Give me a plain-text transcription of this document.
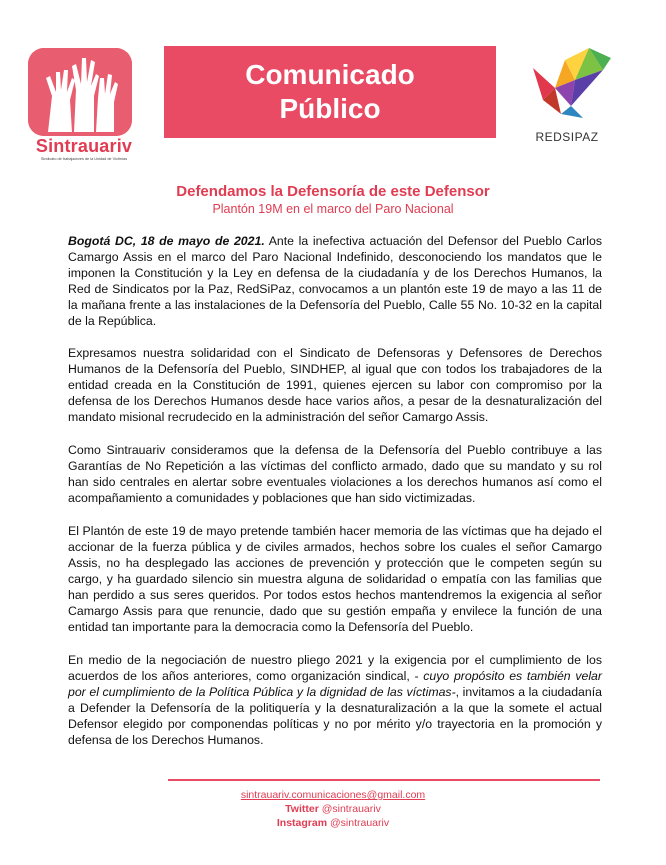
Sintrauariv
Sindicato de trabajadores de la Unidad de Víctimas
Comunicado
Público
REDSIPAZ
Defendamos la Defensoría de este Defensor
Plantón 19M en el marco del Paro Nacional

Bogotá DC, 18 de mayo de 2021. Ante la inefectiva actuación del Defensor del Pueblo Carlos Camargo Assis en el marco del Paro Nacional Indefinido, desconociendo los mandatos que le imponen la Constitución y la Ley en defensa de la ciudadanía y de los Derechos Humanos, la Red de Sindicatos por la Paz, RedSiPaz, convocamos a un plantón este 19 de mayo a las 11 de la mañana frente a las instalaciones de la Defensoría del Pueblo, Calle 55 No. 10-32 en la capital de la República.

Expresamos nuestra solidaridad con el Sindicato de Defensoras y Defensores de Derechos Humanos de la Defensoría del Pueblo, SINDHEP, al igual que con todos los trabajadores de la entidad creada en la Constitución de 1991, quienes ejercen su labor con compromiso por la defensa de los Derechos Humanos desde hace varios años, a pesar de la desnaturalización del mandato misional recrudecido en la administración del señor Camargo Assis.

Como Sintrauariv consideramos que la defensa de la Defensoría del Pueblo contribuye a las Garantías de No Repetición a las víctimas del conflicto armado, dado que su mandato y su rol han sido centrales en alertar sobre eventuales violaciones a los derechos humanos así como el acompañamiento a comunidades y poblaciones que han sido victimizadas.

El Plantón de este 19 de mayo pretende también hacer memoria de las víctimas que ha dejado el accionar de la fuerza pública y de civiles armados, hechos sobre los cuales el señor Camargo Assis, no ha desplegado las acciones de prevención y protección que le competen según su cargo, y ha guardado silencio sin muestra alguna de solidaridad o empatía con las familias que han perdido a sus seres queridos. Por todos estos hechos mantendremos la exigencia al señor Camargo Assis para que renuncie, dado que su gestión empaña y envilece la función de una entidad tan importante para la democracia como la Defensoría del Pueblo.

En medio de la negociación de nuestro pliego 2021 y la exigencia por el cumplimiento de los acuerdos de los años anteriores, como organización sindical, - cuyo propósito es también velar por el cumplimiento de la Política Pública y la dignidad de las víctimas-, invitamos a la ciudadanía a Defender la Defensoría de la politiquería y la desnaturalización a la que la somete el actual Defensor elegido por componendas políticas y no por mérito y/o trayectoria en la promoción y defensa de los Derechos Humanos.

sintrauariv.comunicaciones@gmail.com
Twitter @sintrauariv
Instagram @sintrauariv
